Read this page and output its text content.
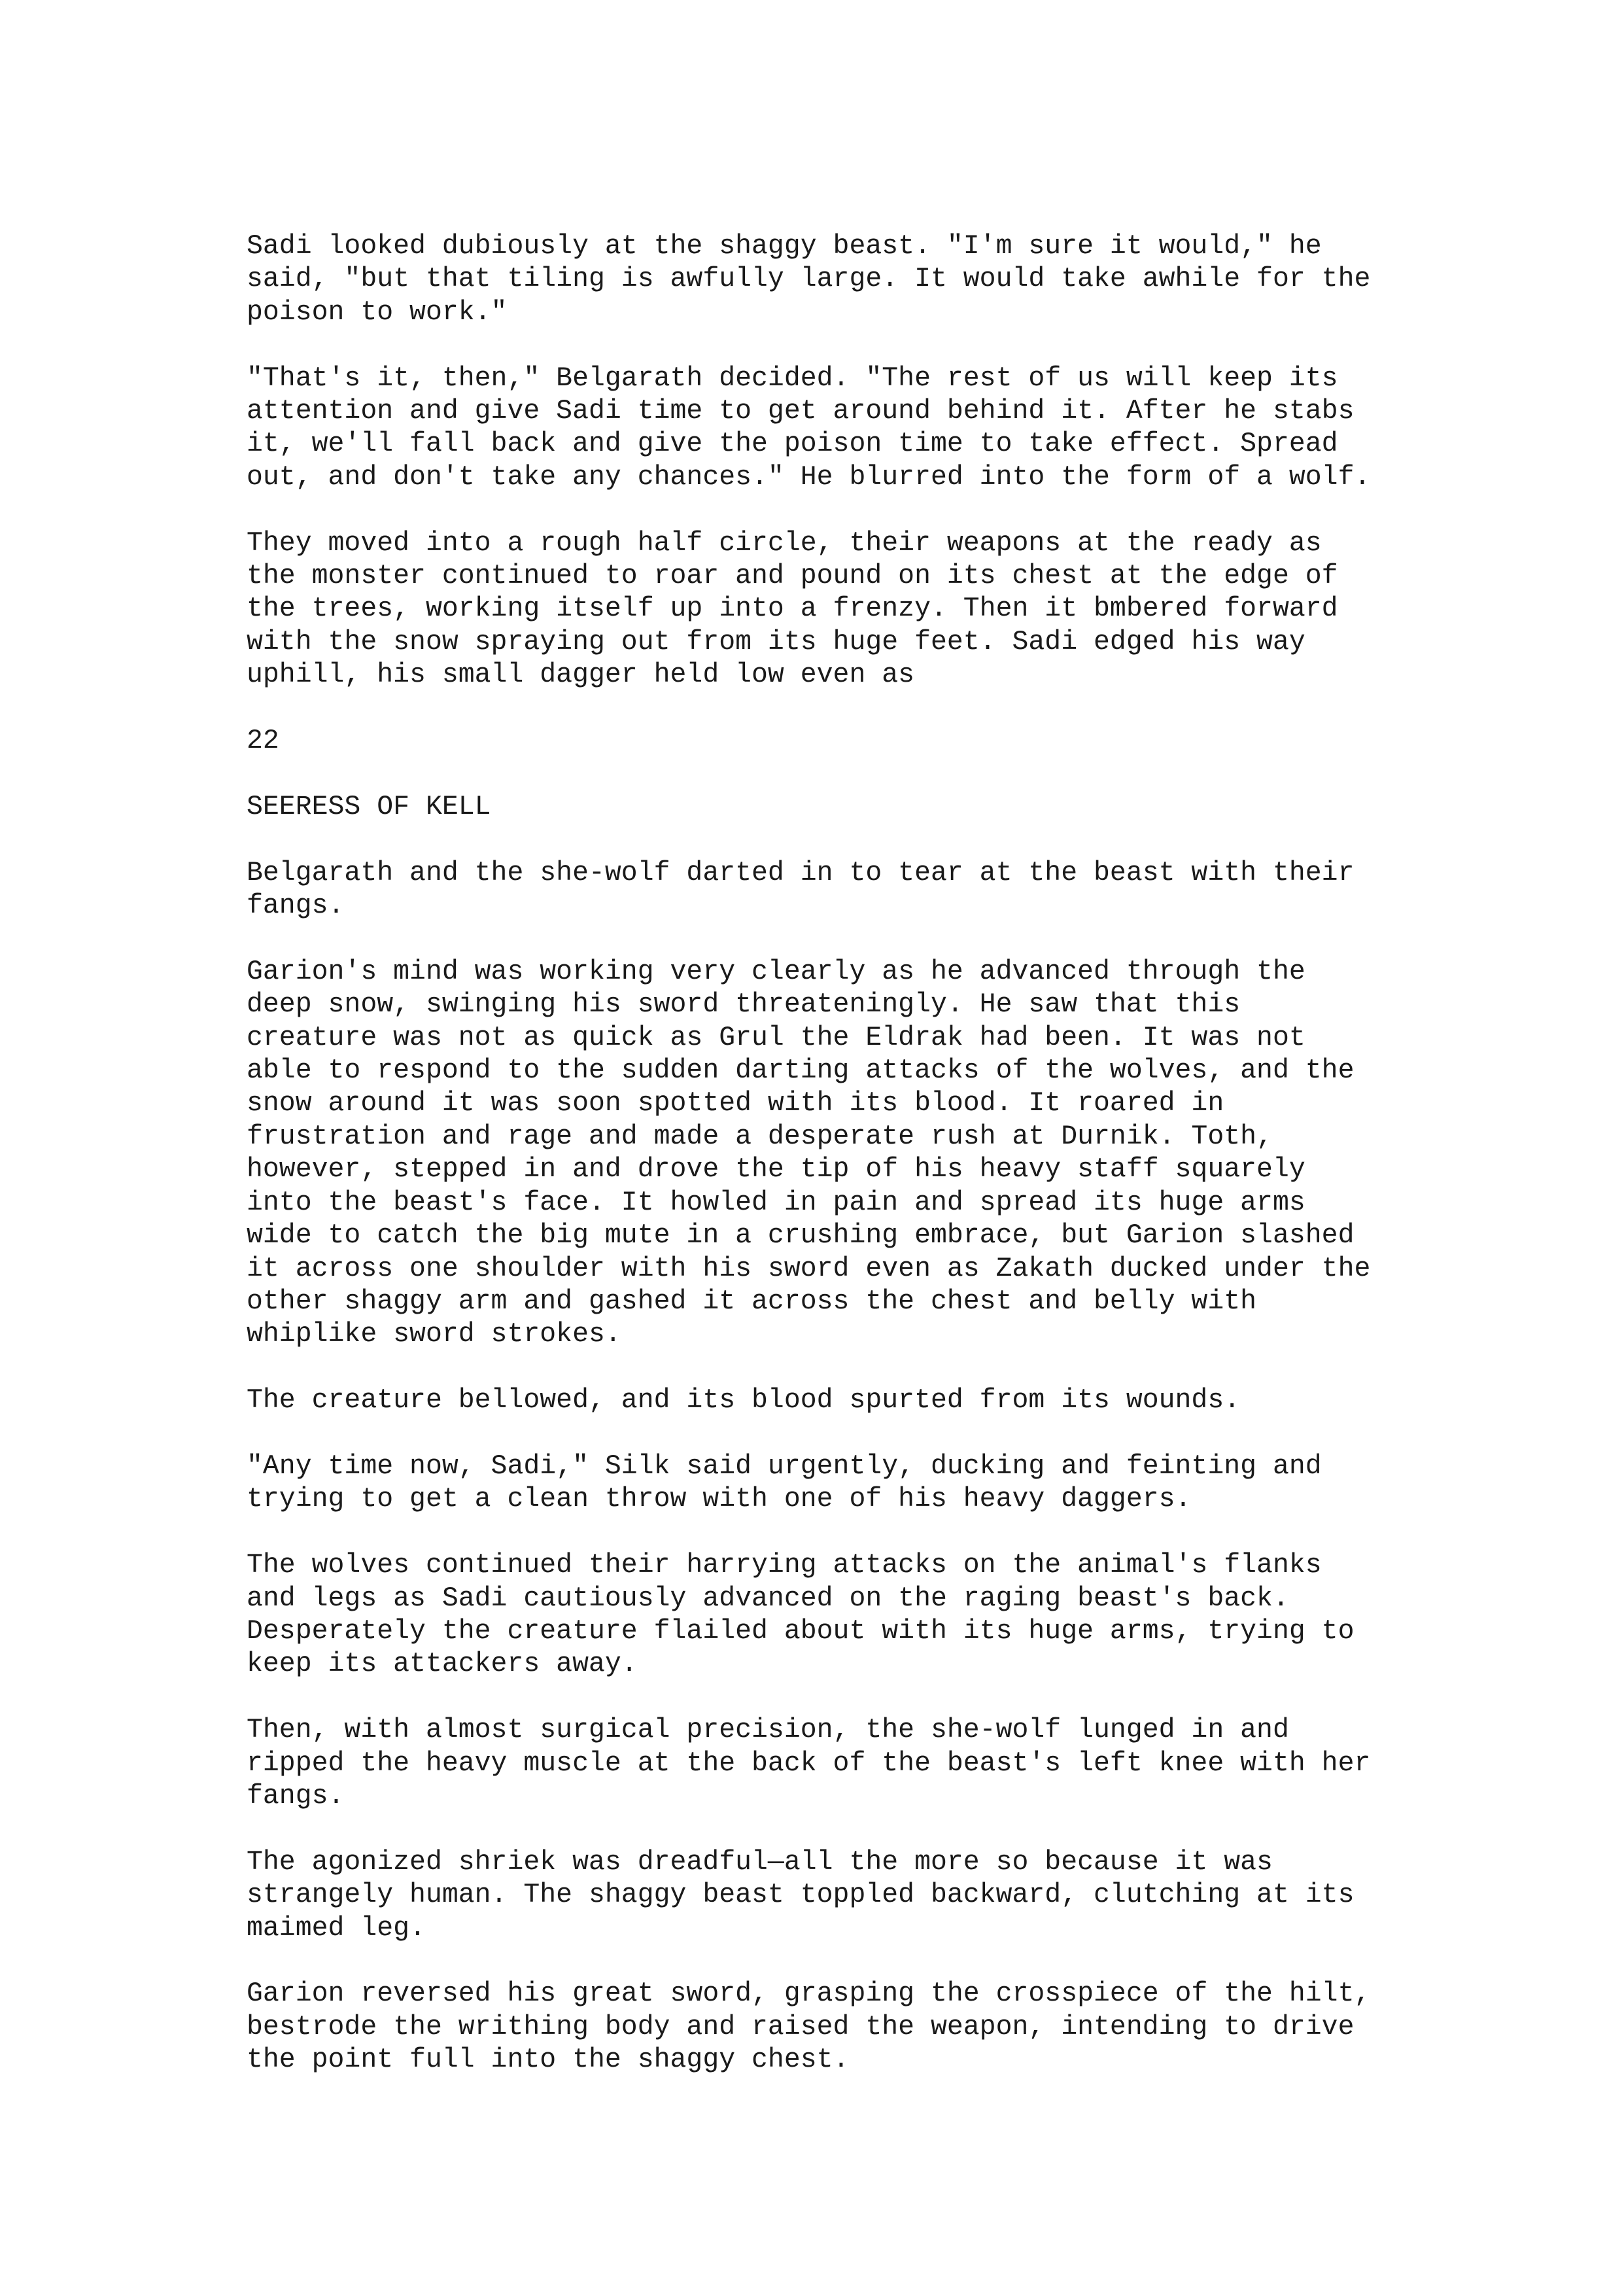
Sadi looked dubiously at the shaggy beast. "I'm sure it would," he
said, "but that tiling is awfully large. It would take awhile for the
poison to work."

"That's it, then," Belgarath decided. "The rest of us will keep its
attention and give Sadi time to get around behind it. After he stabs
it, we'll fall back and give the poison time to take effect. Spread
out, and don't take any chances." He blurred into the form of a wolf.

They moved into a rough half circle, their weapons at the ready as
the monster continued to roar and pound on its chest at the edge of
the trees, working itself up into a frenzy. Then it bmbered forward
with the snow spraying out from its huge feet. Sadi edged his way
uphill, his small dagger held low even as

22

SEERESS OF KELL

Belgarath and the she-wolf darted in to tear at the beast with their
fangs.

Garion's mind was working very clearly as he advanced through the
deep snow, swinging his sword threateningly. He saw that this
creature was not as quick as Grul the Eldrak had been. It was not
able to respond to the sudden darting attacks of the wolves, and the
snow around it was soon spotted with its blood. It roared in
frustration and rage and made a desperate rush at Durnik. Toth,
however, stepped in and drove the tip of his heavy staff squarely
into the beast's face. It howled in pain and spread its huge arms
wide to catch the big mute in a crushing embrace, but Garion slashed
it across one shoulder with his sword even as Zakath ducked under the
other shaggy arm and gashed it across the chest and belly with
whiplike sword strokes.

The creature bellowed, and its blood spurted from its wounds.

"Any time now, Sadi," Silk said urgently, ducking and feinting and
trying to get a clean throw with one of his heavy daggers.

The wolves continued their harrying attacks on the animal's flanks
and legs as Sadi cautiously advanced on the raging beast's back.
Desperately the creature flailed about with its huge arms, trying to
keep its attackers away.

Then, with almost surgical precision, the she-wolf lunged in and
ripped the heavy muscle at the back of the beast's left knee with her
fangs.

The agonized shriek was dreadful—all the more so because it was
strangely human. The shaggy beast toppled backward, clutching at its
maimed leg.

Garion reversed his great sword, grasping the crosspiece of the hilt,
bestrode the writhing body and raised the weapon, intending to drive
the point full into the shaggy chest.
